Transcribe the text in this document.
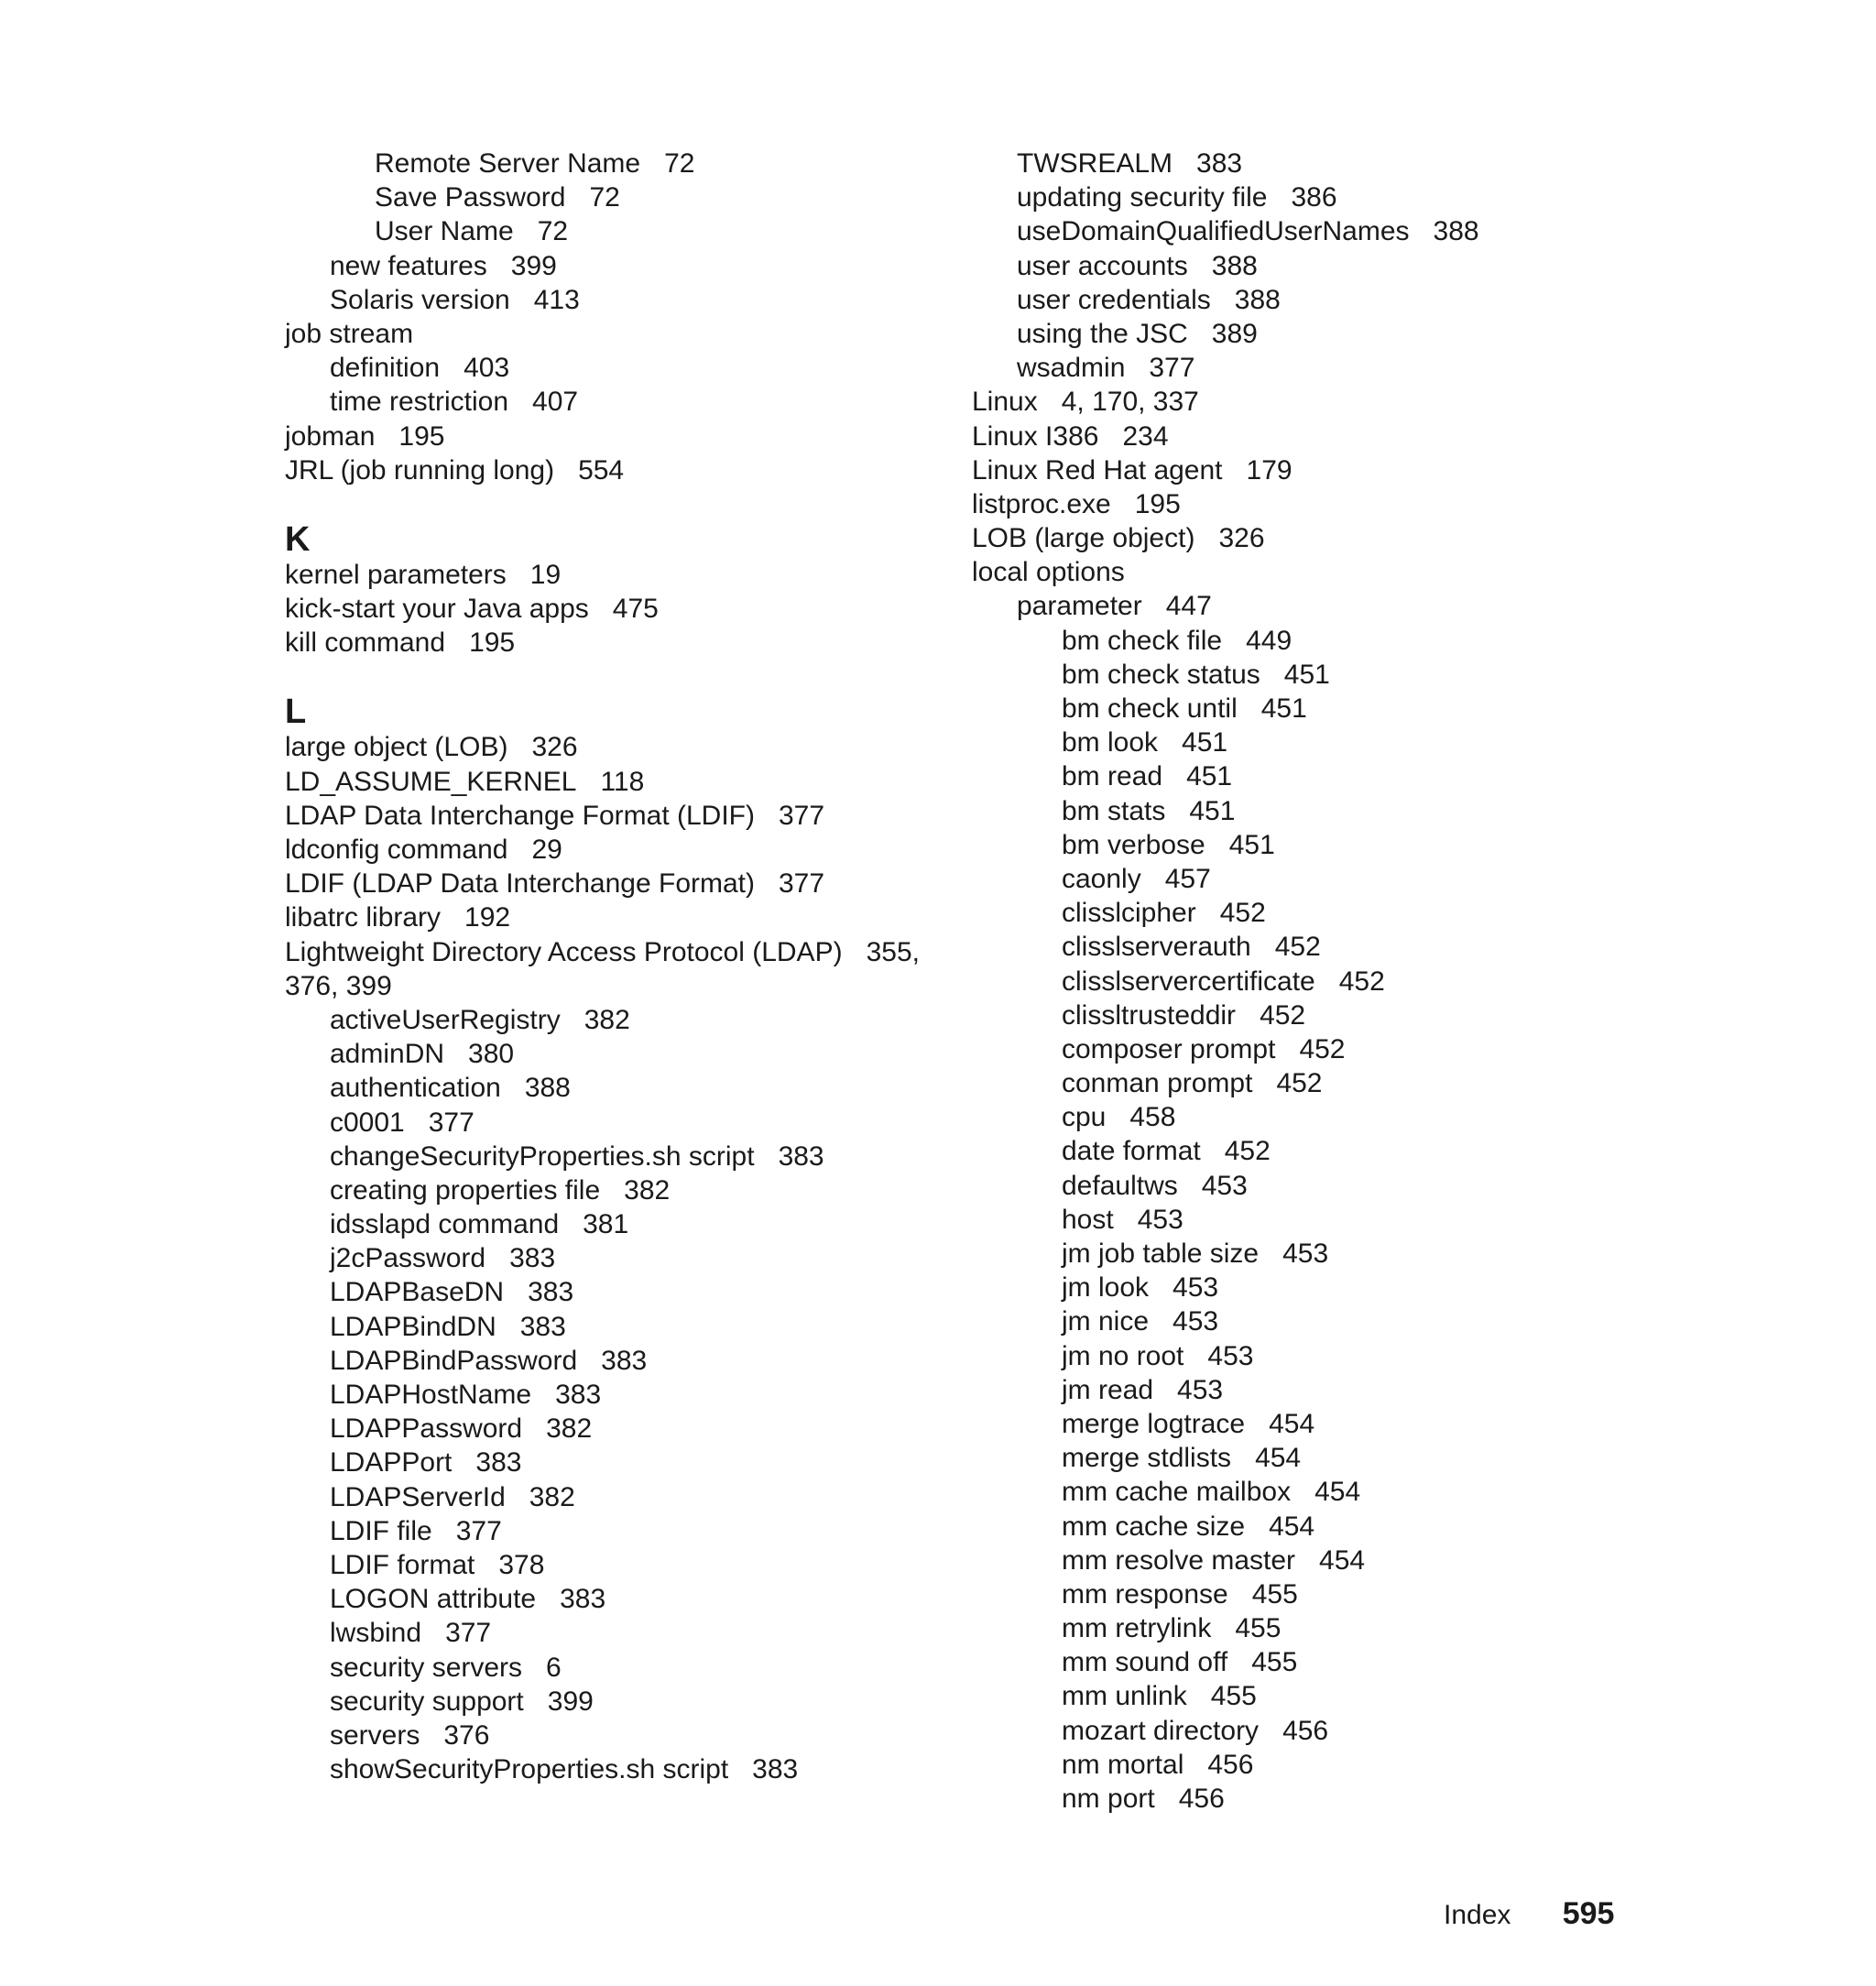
Remote Server Name 72
Save Password 72
User Name 72
new features 399
Solaris version 413
job stream
definition 403
time restriction 407
jobman 195
JRL (job running long) 554
K
kernel parameters 19
kick-start your Java apps 475
kill command 195
L
large object (LOB) 326
LD_ASSUME_KERNEL 118
LDAP Data Interchange Format (LDIF) 377
ldconfig command 29
LDIF (LDAP Data Interchange Format) 377
libatrc library 192
Lightweight Directory Access Protocol (LDAP) 355,
376, 399
activeUserRegistry 382
adminDN 380
authentication 388
c0001 377
changeSecurityProperties.sh script 383
creating properties file 382
idsslapd command 381
j2cPassword 383
LDAPBaseDN 383
LDAPBindDN 383
LDAPBindPassword 383
LDAPHostName 383
LDAPPassword 382
LDAPPort 383
LDAPServerId 382
LDIF file 377
LDIF format 378
LOGON attribute 383
lwsbind 377
security servers 6
security support 399
servers 376
showSecurityProperties.sh script 383
TWSREALM 383
updating security file 386
useDomainQualifiedUserNames 388
user accounts 388
user credentials 388
using the JSC 389
wsadmin 377
Linux 4, 170, 337
Linux I386 234
Linux Red Hat agent 179
listproc.exe 195
LOB (large object) 326
local options
parameter 447
bm check file 449
bm check status 451
bm check until 451
bm look 451
bm read 451
bm stats 451
bm verbose 451
caonly 457
clisslcipher 452
clisslserverauth 452
clisslservercertificate 452
clissltrusteddir 452
composer prompt 452
conman prompt 452
cpu 458
date format 452
defaultws 453
host 453
jm job table size 453
jm look 453
jm nice 453
jm no root 453
jm read 453
merge logtrace 454
merge stdlists 454
mm cache mailbox 454
mm cache size 454
mm resolve master 454
mm response 455
mm retrylink 455
mm sound off 455
mm unlink 455
mozart directory 456
nm mortal 456
nm port 456
Index 595
